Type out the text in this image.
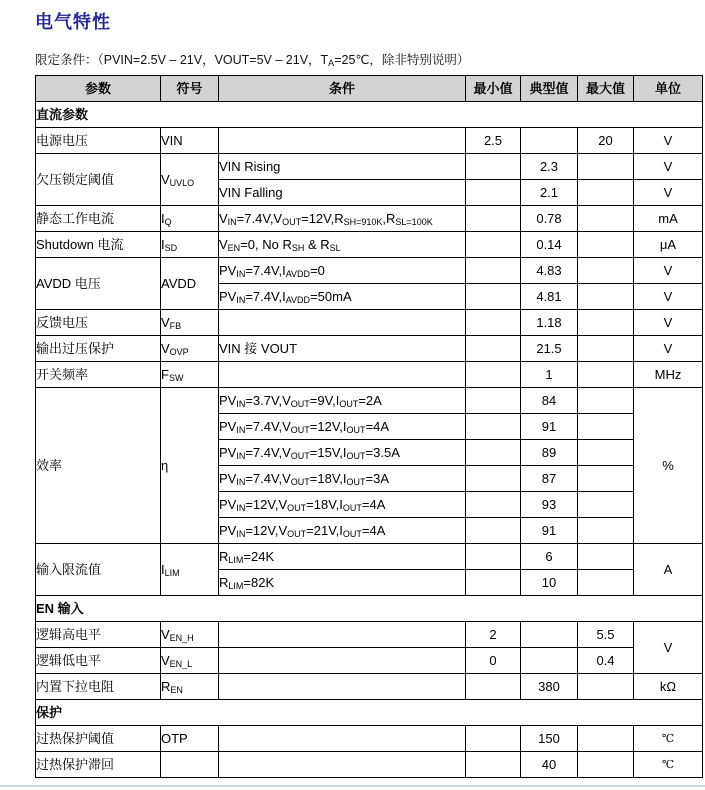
电气特性
限定条件：（PVIN=2.5V – 21V，VOUT=5V – 21V，$T_A=25℃$，除非特别说明）
参数	符号	条件	最小值	典型值	最大值	单位
直流参数						
电源电压	VIN		2.5		20	V
欠压锁定阈值	$V_{UVLO}$	VIN Rising		2.3		V
		VIN Falling		2.1		V
静态工作电流	$I_Q$	$V_{IN}=7.4V,V_{OUT}=12V,R_{SH=910K},R_{SL=100K}$		0.78		mA
Shutdown 电流	$I_{SD}$	$V_{EN}=0$, No $R_{SH}$ & $R_{SL}$		0.14		μA
AVDD 电压	AVDD	$PV_{IN}=7.4V,I_{AVDD}=0$		4.83		V
		$PV_{IN}=7.4V,I_{AVDD}=50mA$		4.81		V
反馈电压	$V_{FB}$			1.18		V
输出过压保护	$V_{OVP}$	VIN 接 VOUT		21.5		V
开关频率	$F_{SW}$			1		MHz
效率	η	$PV_{IN}=3.7V,V_{OUT}=9V,I_{OUT}=2A$		84		%
		$PV_{IN}=7.4V,V_{OUT}=12V,I_{OUT}=4A$		91		
		$PV_{IN}=7.4V,V_{OUT}=15V,I_{OUT}=3.5A$		89		
		$PV_{IN}=7.4V,V_{OUT}=18V,I_{OUT}=3A$		87		
		$PV_{IN}=12V,V_{OUT}=18V,I_{OUT}=4A$		93		
		$PV_{IN}=12V,V_{OUT}=21V,I_{OUT}=4A$		91		
输入限流值	$I_{LIM}$	$R_{LIM}=24K$		6		A
		$R_{LIM}=82K$		10		
EN 输入						
逻辑高电平	$V_{EN\_H}$		2		5.5	V
逻辑低电平	$V_{EN\_L}$		0		0.4	
内置下拉电阻	$R_{EN}$			380		kΩ
保护						
过热保护阈值	OTP			150		℃
过热保护滞回				40		℃
